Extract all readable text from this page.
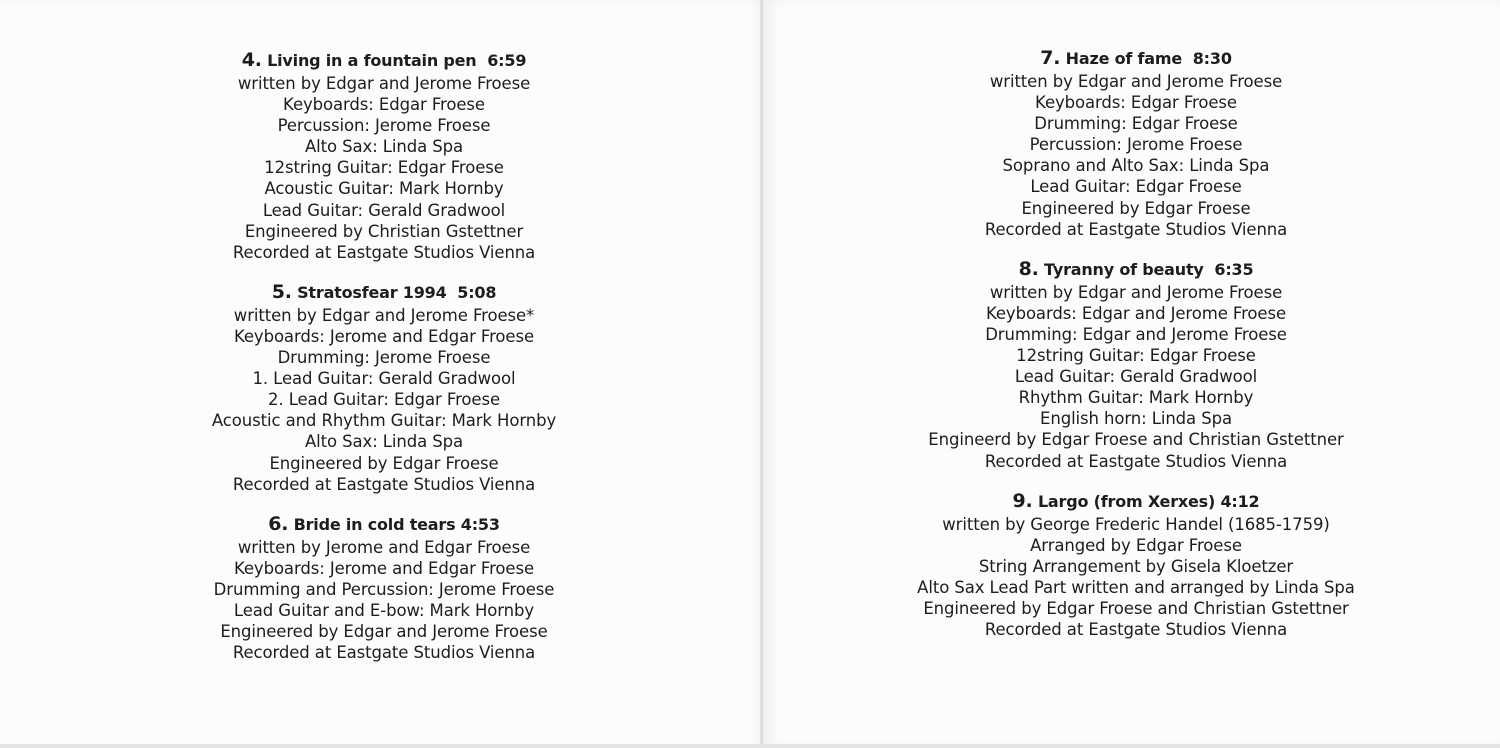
4. Living in a fountain pen 6:59
written by Edgar and Jerome Froese
Keyboards: Edgar Froese
Percussion: Jerome Froese
Alto Sax: Linda Spa
12string Guitar: Edgar Froese
Acoustic Guitar: Mark Hornby
Lead Guitar: Gerald Gradwool
Engineered by Christian Gstettner
Recorded at Eastgate Studios Vienna
5. Stratosfear 1994 5:08
written by Edgar and Jerome Froese*
Keyboards: Jerome and Edgar Froese
Drumming: Jerome Froese
1. Lead Guitar: Gerald Gradwool
2. Lead Guitar: Edgar Froese
Acoustic and Rhythm Guitar: Mark Hornby
Alto Sax: Linda Spa
Engineered by Edgar Froese
Recorded at Eastgate Studios Vienna
6. Bride in cold tears 4:53
written by Jerome and Edgar Froese
Keyboards: Jerome and Edgar Froese
Drumming and Percussion: Jerome Froese
Lead Guitar and E-bow: Mark Hornby
Engineered by Edgar and Jerome Froese
Recorded at Eastgate Studios Vienna
7. Haze of fame 8:30
written by Edgar and Jerome Froese
Keyboards: Edgar Froese
Drumming: Edgar Froese
Percussion: Jerome Froese
Soprano and Alto Sax: Linda Spa
Lead Guitar: Edgar Froese
Engineered by Edgar Froese
Recorded at Eastgate Studios Vienna
8. Tyranny of beauty 6:35
written by Edgar and Jerome Froese
Keyboards: Edgar and Jerome Froese
Drumming: Edgar and Jerome Froese
12string Guitar: Edgar Froese
Lead Guitar: Gerald Gradwool
Rhythm Guitar: Mark Hornby
English horn: Linda Spa
Engineerd by Edgar Froese and Christian Gstettner
Recorded at Eastgate Studios Vienna
9. Largo (from Xerxes) 4:12
written by George Frederic Handel (1685-1759)
Arranged by Edgar Froese
String Arrangement by Gisela Kloetzer
Alto Sax Lead Part written and arranged by Linda Spa
Engineered by Edgar Froese and Christian Gstettner
Recorded at Eastgate Studios Vienna
